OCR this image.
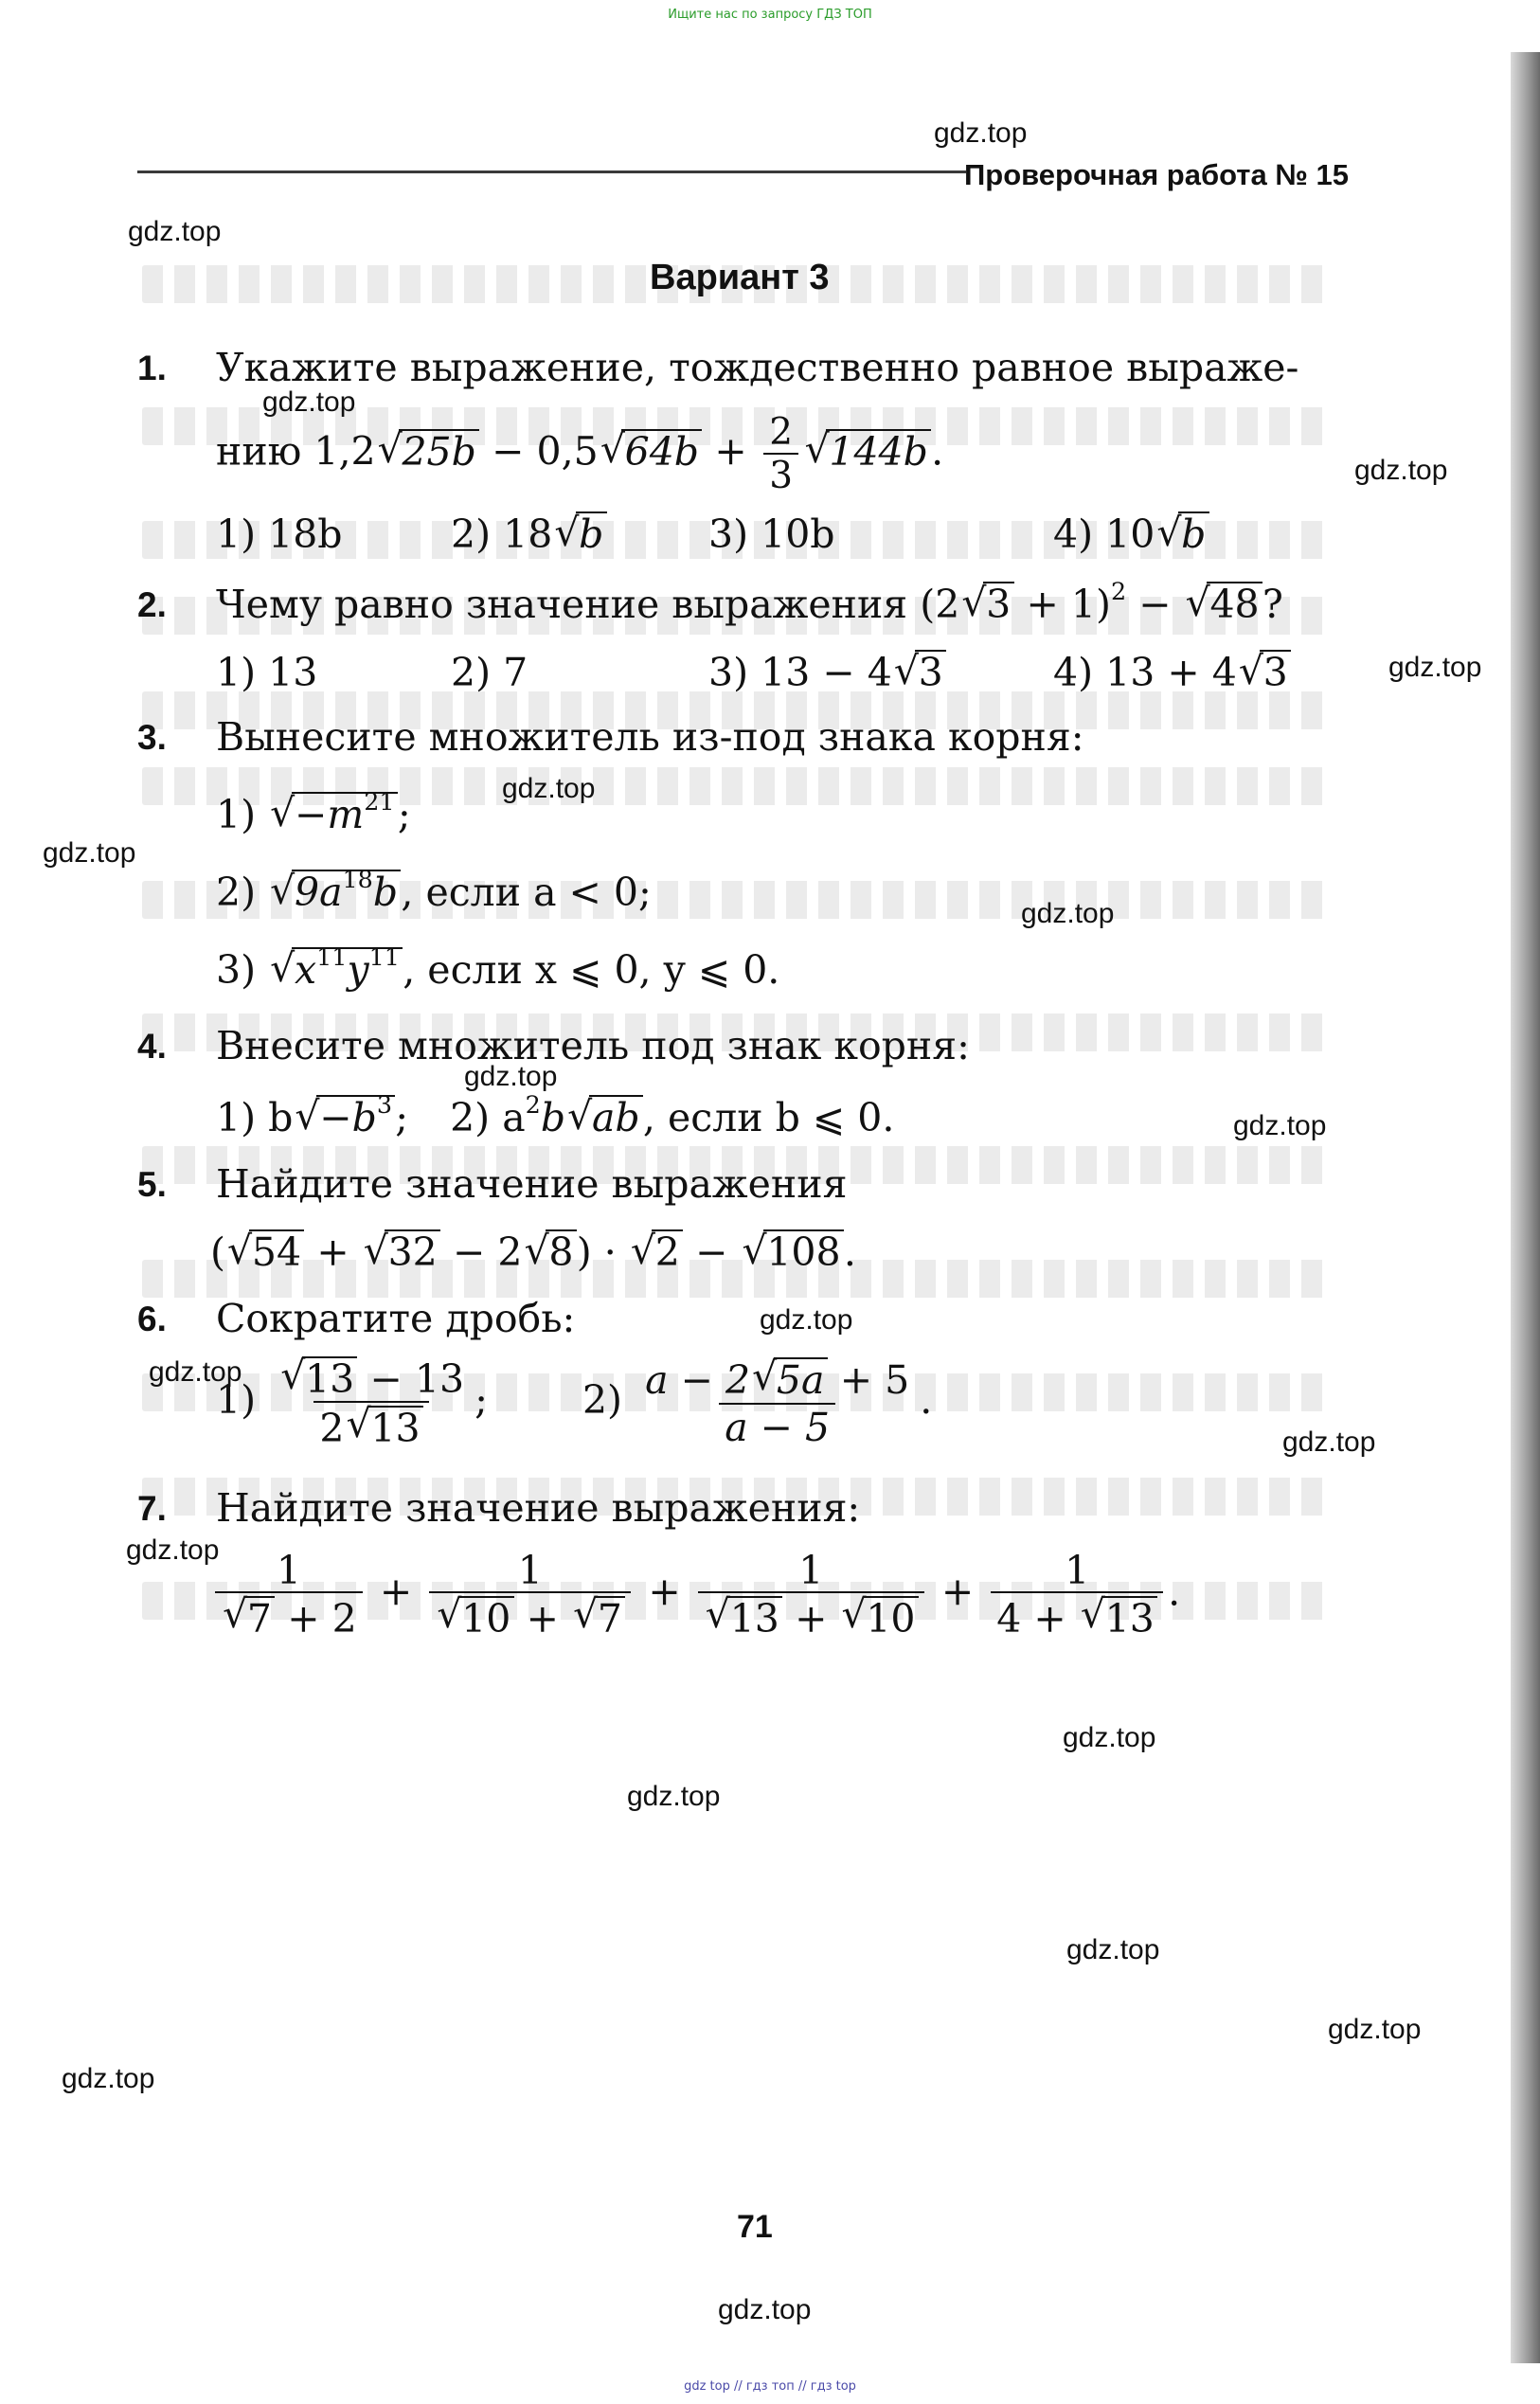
Ищите нас по запросу ГДЗ ТОП
Проверочная работа № 15
Вариант 3
1. Укажите выражение, тождественно равное выраже-
нию 1,2√ 25b − 0,5√ $64b + \frac{2}{3}$
√ 144b.
1) 18b	2) 18√ b	3) 10b	4) 10√ b
2. Чему равно значение выражения (2√ 3 + 1)$^2$ − √ 48?
1) 13	2) 7	3) 13 − 4√ 3	4) 13 + 4√ 3
3. Вынесите множитель из-под знака корня:
1) √ $-m^{21}$;
2) √ $9a^{18}b$, если a < 0;
3) √ $x^{11}y^{11}$, если x ⩽ 0, y ⩽ 0.
4. Внесите множитель под знак корня:
1) $b√ -b^3$; 2) $a^2b√$ ab, если b ⩽ 0.
5. Найдите значение выражения
(√ 54 + √ 32 − 2√ 8) · √ 2 − √ 108.
6. Сократите дробь:
1)
√ $\frac{13 - 13}{2√ 13}$ ; $2) \frac{a - 2√ 5a + 5}{a - 5}$ .
7. Найдите значение выражения:
1
√ 7 + 2 + 1
√ 10 + √ 7 + 1
√ 13 + √ $10 + \frac{1}{4 + √ 13}$ .
71
gdz.top
gdz.top
gdz.top
gdz.top
gdz.top
gdz.top
gdz.top
gdz.top
gdz.top
gdz.top
gdz.top
gdz.top
gdz.top
gdz.top
gdz.top
gdz.top
gdz.top
gdz.top
gdz.top
gdz.top
gdz top // гдз топ // гдз top
